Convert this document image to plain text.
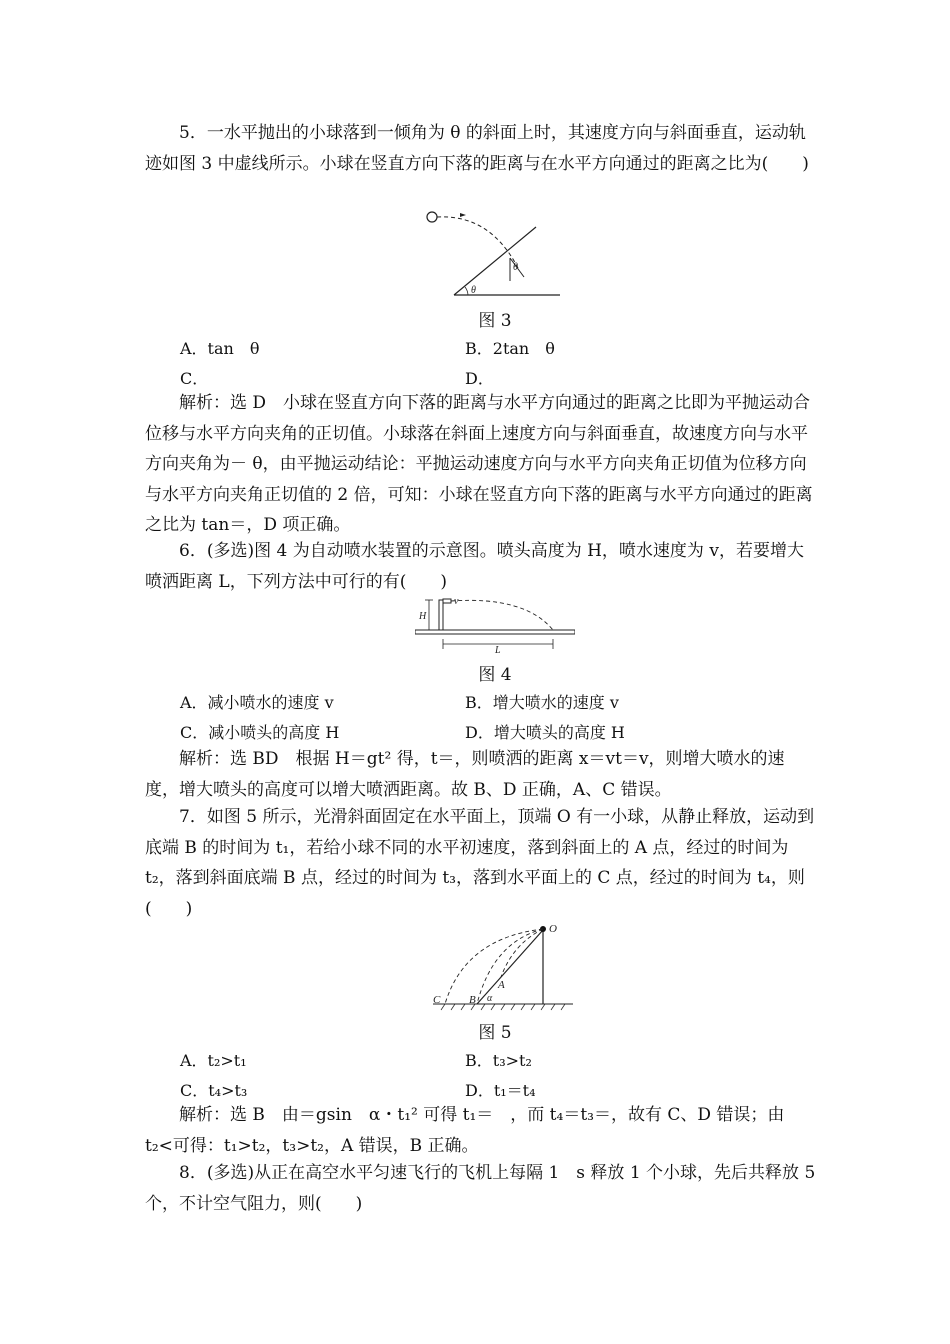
5．一水平抛出的小球落到一倾角为 θ 的斜面上时，其速度方向与斜面垂直，运动轨迹如图 3 中虚线所示。小球在竖直方向下落的距离与在水平方向通过的距离之比为(　　)

θ
θ
图 3
A．tan　θ	B．2tan　θ
C．	D．

解析：选 D　小球在竖直方向下落的距离与水平方向通过的距离之比即为平抛运动合位移与水平方向夹角的正切值。小球落在斜面上速度方向与斜面垂直，故速度方向与水平方向夹角为－ θ，由平抛运动结论：平抛运动速度方向与水平方向夹角正切值为位移方向与水平方向夹角正切值的 2 倍，可知：小球在竖直方向下落的距离与水平方向通过的距离之比为 tan＝，D 项正确。

6．(多选)图 4 为自动喷水装置的示意图。喷头高度为 H，喷水速度为 v，若要增大喷洒距离 L，下列方法中可行的有(　　)

H
v
L
图 4
A．减小喷水的速度 v	B．增大喷水的速度 v
C．减小喷头的高度 H	D．增大喷头的高度 H

解析：选 BD　根据 H＝gt² 得，t＝，则喷洒的距离 x＝vt＝v，则增大喷水的速度，增大喷头的高度可以增大喷洒距离。故 B、D 正确，A、C 错误。

7．如图 5 所示，光滑斜面固定在水平面上，顶端 O 有一小球，从静止释放，运动到底端 B 的时间为 t₁，若给小球不同的水平初速度，落到斜面上的 A 点，经过的时间为 t₂，落到斜面底端 B 点，经过的时间为 t₃，落到水平面上的 C 点，经过的时间为 t₄，则(　　)

O
A
B
C	α
图 5
A．t₂>t₁	B．t₃>t₂
C．t₄>t₃	D．t₁＝t₄

解析：选 B　由＝gsin　α・t₁² 可得 t₁＝　，而 t₄＝t₃＝，故有 C、D 错误；由 t₂<可得：t₁>t₂，t₃>t₂，A 错误，B 正确。

8．(多选)从正在高空水平匀速飞行的飞机上每隔 1　s 释放 1 个小球，先后共释放 5 个，不计空气阻力，则(　　)
